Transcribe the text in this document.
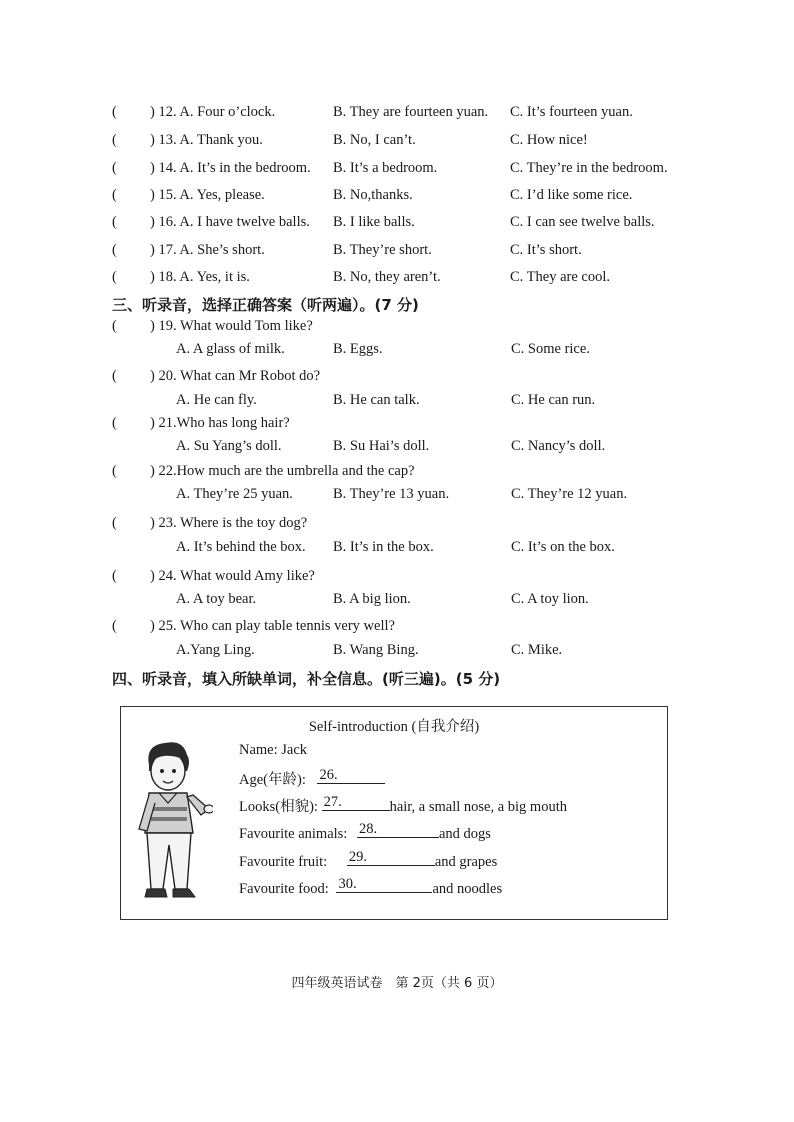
( ) 12. A. Four o’clock.	B. They are fourteen yuan. C. It’s fourteen yuan.
( ) 13. A. Thank you.	B. No, I can’t.	C. How nice!
( ) 14. A. It’s in the bedroom. B. It’s a bedroom.	C. They’re in the bedroom.
( ) 15. A. Yes, please.	B. No,thanks.	C. I’d like some rice.
( ) 16. A. I have twelve balls. B. I like balls.	C. I can see twelve balls.
( ) 17. A. She’s short.	B. They’re short.	C. It’s short.
( ) 18. A. Yes, it is.	B. No, they aren’t.	C. They are cool.
三、听录音，选择正确答案（听两遍）。(7 分)
( ) 19. What would Tom like?
A. A glass of milk.	B. Eggs.	C. Some rice.
( ) 20. What can Mr Robot do?
A. He can fly.	B. He can talk.	C. He can run.
( ) 21.Who has long hair?
A. Su Yang’s doll.	B. Su Hai’s doll.	C. Nancy’s doll.
( ) 22.How much are the umbrella and the cap?
A. They’re 25 yuan.	B. They’re 13 yuan.	C. They’re 12 yuan.
( ) 23. Where is the toy dog?
A. It’s behind the box. B. It’s in the box.	C. It’s on the box.
( ) 24. What would Amy like?
A. A toy bear.	B. A big lion.	C. A toy lion.
( ) 25. Who can play table tennis very well?
A.Yang Ling.	B. Wang Bing.	C. Mike.
四、听录音，填入所缺单词，补全信息。(听三遍)。(5 分)
Self-introduction (自我介绍)
Name: Jack
Age(年龄): 26.
Looks(相貌): 27.	hair, a small nose, a big mouth
Favourite animals: 28.	and dogs
Favourite fruit: 29.	and grapes
Favourite food: 30.	and noodles
四年级英语试卷　第 2页（共 6 页）
